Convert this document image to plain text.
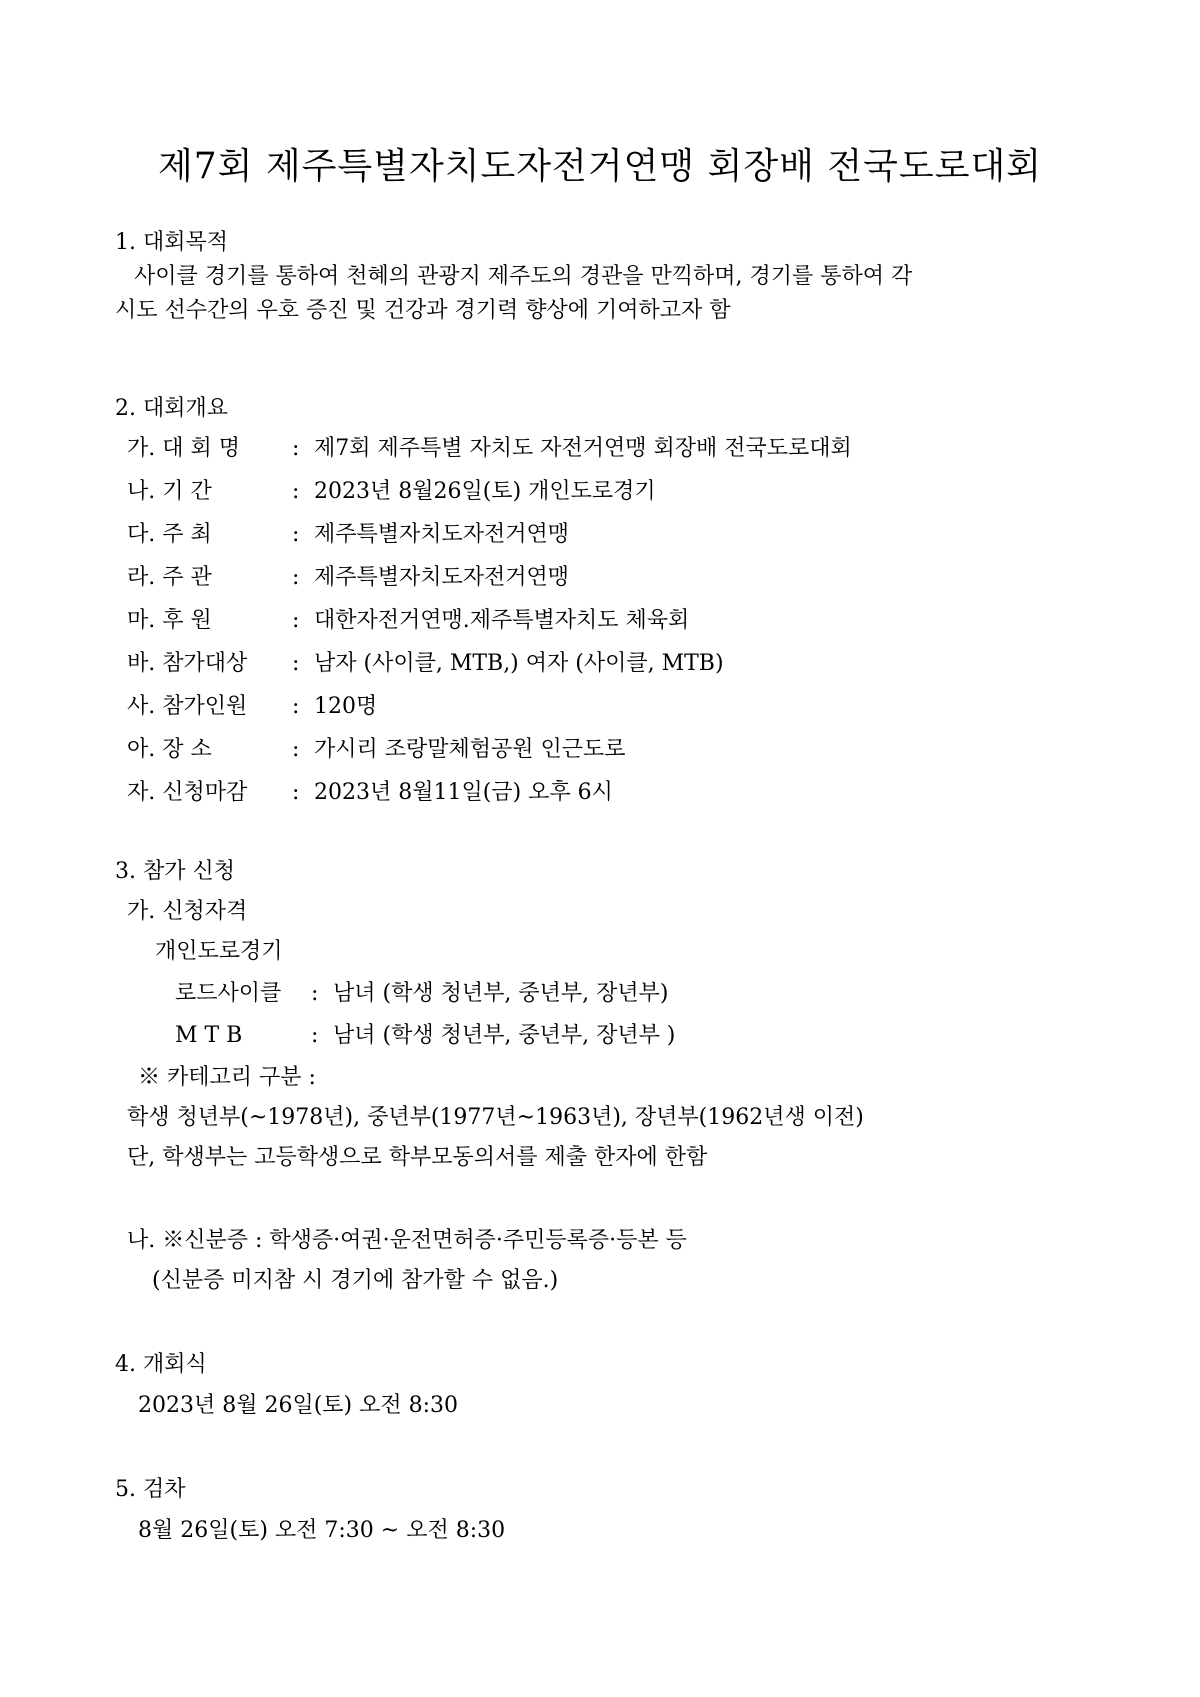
제7회 제주특별자치도자전거연맹 회장배 전국도로대회
1. 대회목적
사이클 경기를 통하여 천혜의 관광지 제주도의 경관을 만끽하며, 경기를 통하여 각
시도 선수간의 우호 증진 및 건강과 경기력 향상에 기여하고자 함
2. 대회개요
가. 대 회 명 : 제7회 제주특별 자치도 자전거연맹 회장배 전국도로대회
나. 기 간	: 2023년 8월26일(토) 개인도로경기
다. 주 최	: 제주특별자치도자전거연맹
라. 주 관	: 제주특별자치도자전거연맹
마. 후 원	: 대한자전거연맹.제주특별자치도 체육회
바. 참가대상 : 남자 (사이클, MTB,) 여자 (사이클, MTB)
사. 참가인원 : 120명
아. 장 소	: 가시리 조랑말체험공원 인근도로
자. 신청마감 : 2023년 8월11일(금) 오후 6시
3. 참가 신청
가. 신청자격
개인도로경기
로드사이클 : 남녀 (학생 청년부, 중년부, 장년부)
M T B	: 남녀 (학생 청년부, 중년부, 장년부 )
※ 카테고리 구분 :
학생 청년부(~1978년), 중년부(1977년~1963년), 장년부(1962년생 이전)
단, 학생부는 고등학생으로 학부모동의서를 제출 한자에 한함
나. ※신분증 : 학생증·여권·운전면허증·주민등록증·등본 등
(신분증 미지참 시 경기에 참가할 수 없음.)
4. 개회식
2023년 8월 26일(토) 오전 8:30
5. 검차
8월 26일(토) 오전 7:30 ~ 오전 8:30
